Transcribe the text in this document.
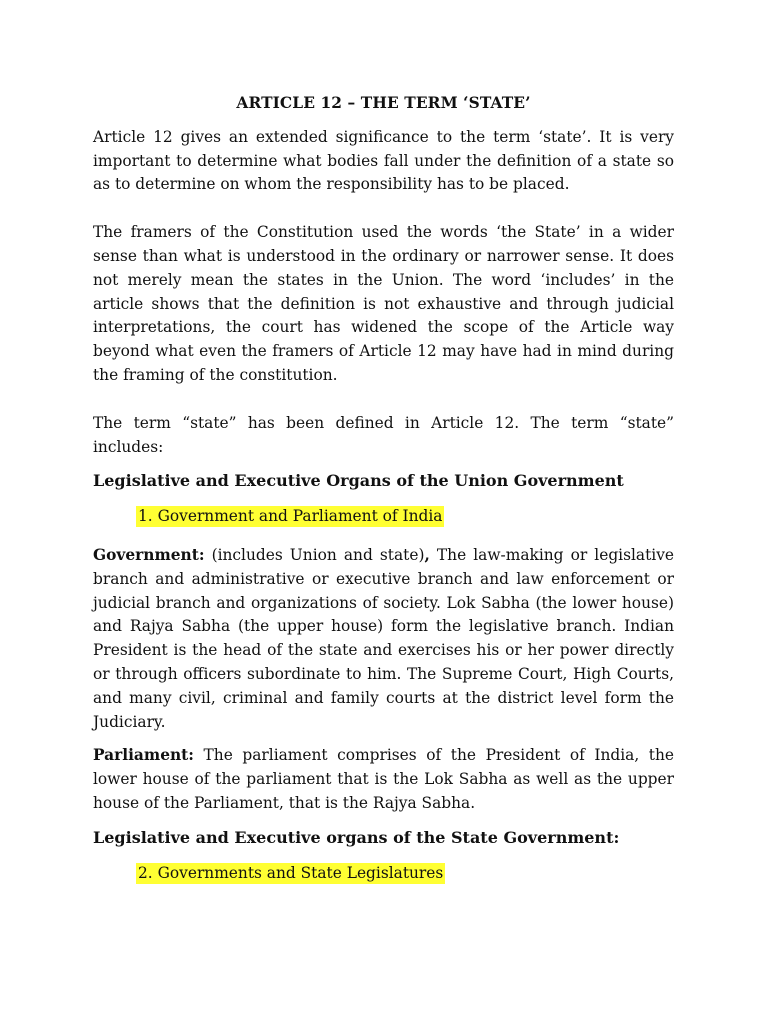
ARTICLE 12 – THE TERM ‘STATE’

Article 12 gives an extended significance to the term ‘state’. It is very important to determine what bodies fall under the definition of a state so as to determine on whom the responsibility has to be placed.

The framers of the Constitution used the words ‘the State’ in a wider sense than what is understood in the ordinary or narrower sense. It does not merely mean the states in the Union. The word ‘includes’ in the article shows that the definition is not exhaustive and through judicial interpretations, the court has widened the scope of the Article way beyond what even the framers of Article 12 may have had in mind during the framing of the constitution.

The term “state” has been defined in Article 12. The term “state” includes:

Legislative and Executive Organs of the Union Government
1. Government and Parliament of India

Government: (includes Union and state), The law-making or legislative branch and administrative or executive branch and law enforcement or judicial branch and organizations of society. Lok Sabha (the lower house) and Rajya Sabha (the upper house) form the legislative branch. Indian President is the head of the state and exercises his or her power directly or through officers subordinate to him. The Supreme Court, High Courts, and many civil, criminal and family courts at the district level form the Judiciary.

Parliament: The parliament comprises of the President of India, the lower house of the parliament that is the Lok Sabha as well as the upper house of the Parliament, that is the Rajya Sabha.

Legislative and Executive organs of the State Government:
2. Governments and State Legislatures
